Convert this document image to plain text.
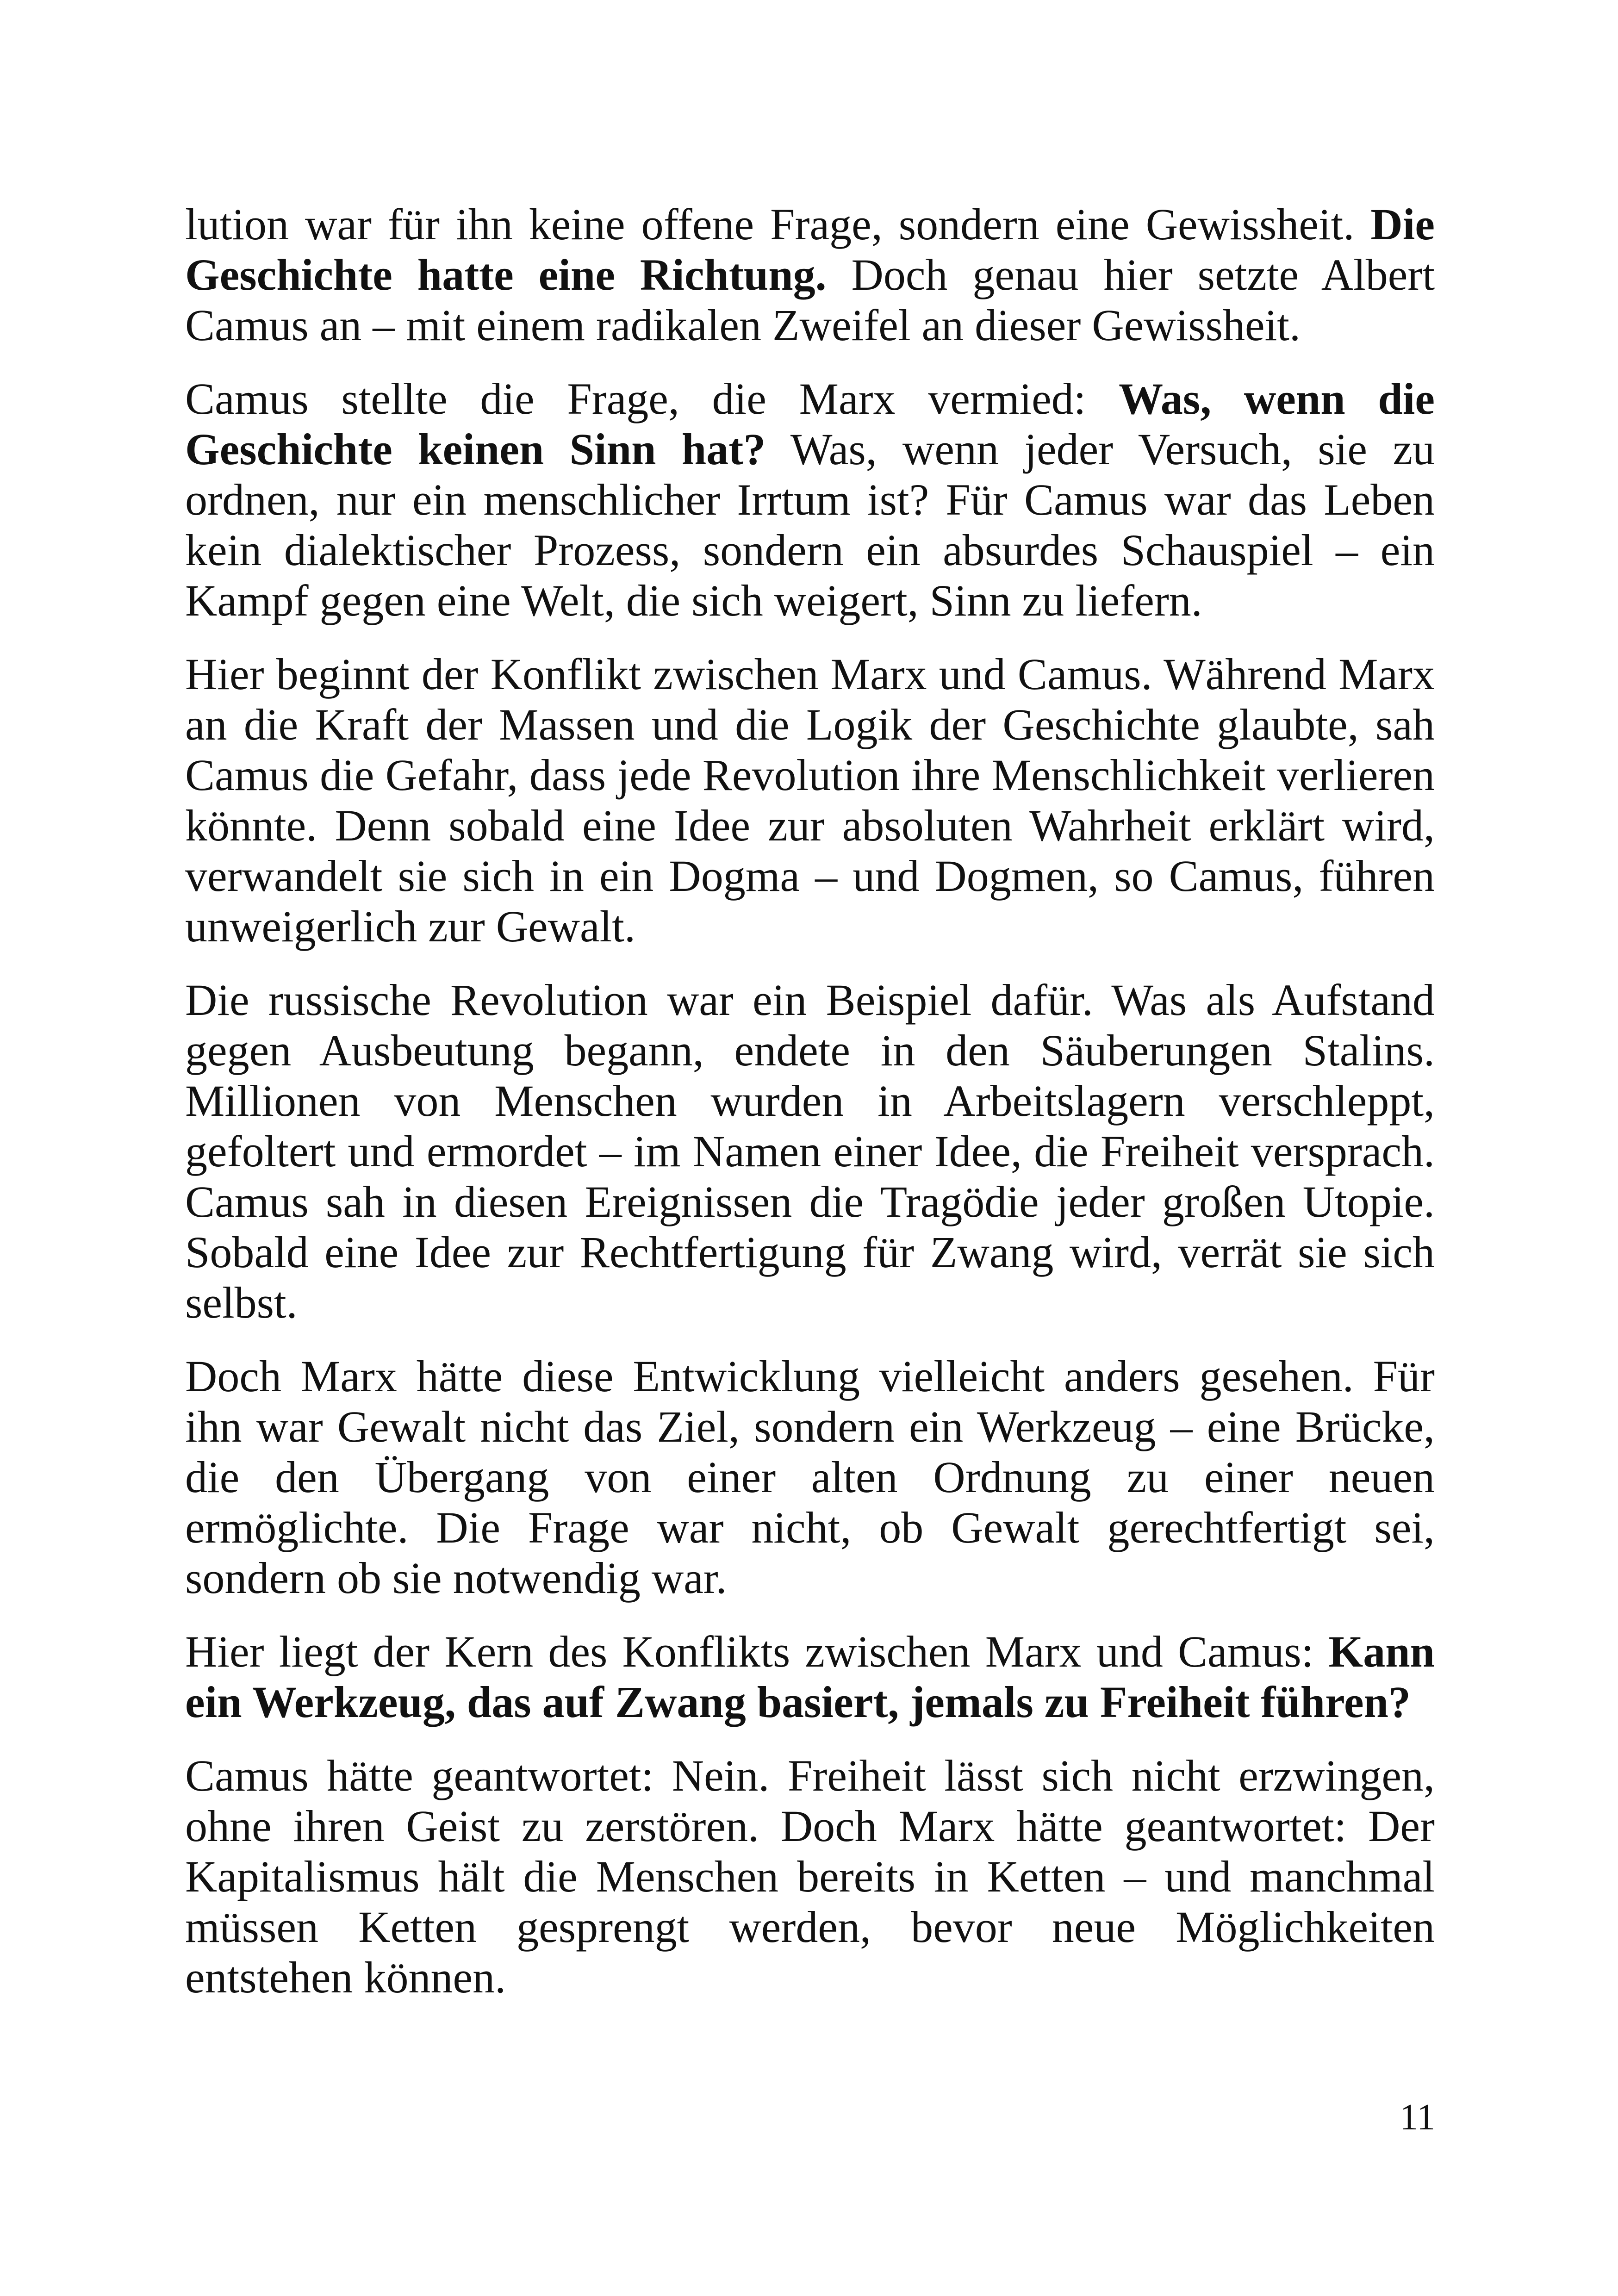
lution war für ihn keine offene Frage, sondern eine Gewissheit. Die Geschichte hatte eine Richtung. Doch genau hier setzte Albert Camus an – mit einem radikalen Zweifel an dieser Gewissheit.

Camus stellte die Frage, die Marx vermied: Was, wenn die Geschichte keinen Sinn hat? Was, wenn jeder Versuch, sie zu ordnen, nur ein menschlicher Irrtum ist? Für Camus war das Leben kein dialektischer Prozess, sondern ein absurdes Schauspiel – ein Kampf gegen eine Welt, die sich weigert, Sinn zu liefern.

Hier beginnt der Konflikt zwischen Marx und Camus. Während Marx an die Kraft der Massen und die Logik der Geschichte glaubte, sah Camus die Gefahr, dass jede Revolution ihre Menschlichkeit verlieren könnte. Denn sobald eine Idee zur absoluten Wahrheit erklärt wird, verwandelt sie sich in ein Dogma – und Dogmen, so Camus, führen unweigerlich zur Gewalt.

Die russische Revolution war ein Beispiel dafür. Was als Aufstand gegen Ausbeutung begann, endete in den Säuberungen Stalins. Millionen von Menschen wurden in Arbeitslagern verschleppt, gefoltert und ermordet – im Namen einer Idee, die Freiheit versprach. Camus sah in diesen Ereignissen die Tragödie jeder großen Utopie. Sobald eine Idee zur Rechtfertigung für Zwang wird, verrät sie sich selbst.

Doch Marx hätte diese Entwicklung vielleicht anders gesehen. Für ihn war Gewalt nicht das Ziel, sondern ein Werkzeug – eine Brücke, die den Übergang von einer alten Ordnung zu einer neuen ermöglichte. Die Frage war nicht, ob Gewalt gerechtfertigt sei, sondern ob sie notwendig war.

Hier liegt der Kern des Konflikts zwischen Marx und Camus: Kann ein Werkzeug, das auf Zwang basiert, jemals zu Freiheit führen?

Camus hätte geantwortet: Nein. Freiheit lässt sich nicht erzwingen, ohne ihren Geist zu zerstören. Doch Marx hätte geantwortet: Der Kapitalismus hält die Menschen bereits in Ketten – und manchmal müssen Ketten gesprengt werden, bevor neue Möglichkeiten entstehen können.

11
